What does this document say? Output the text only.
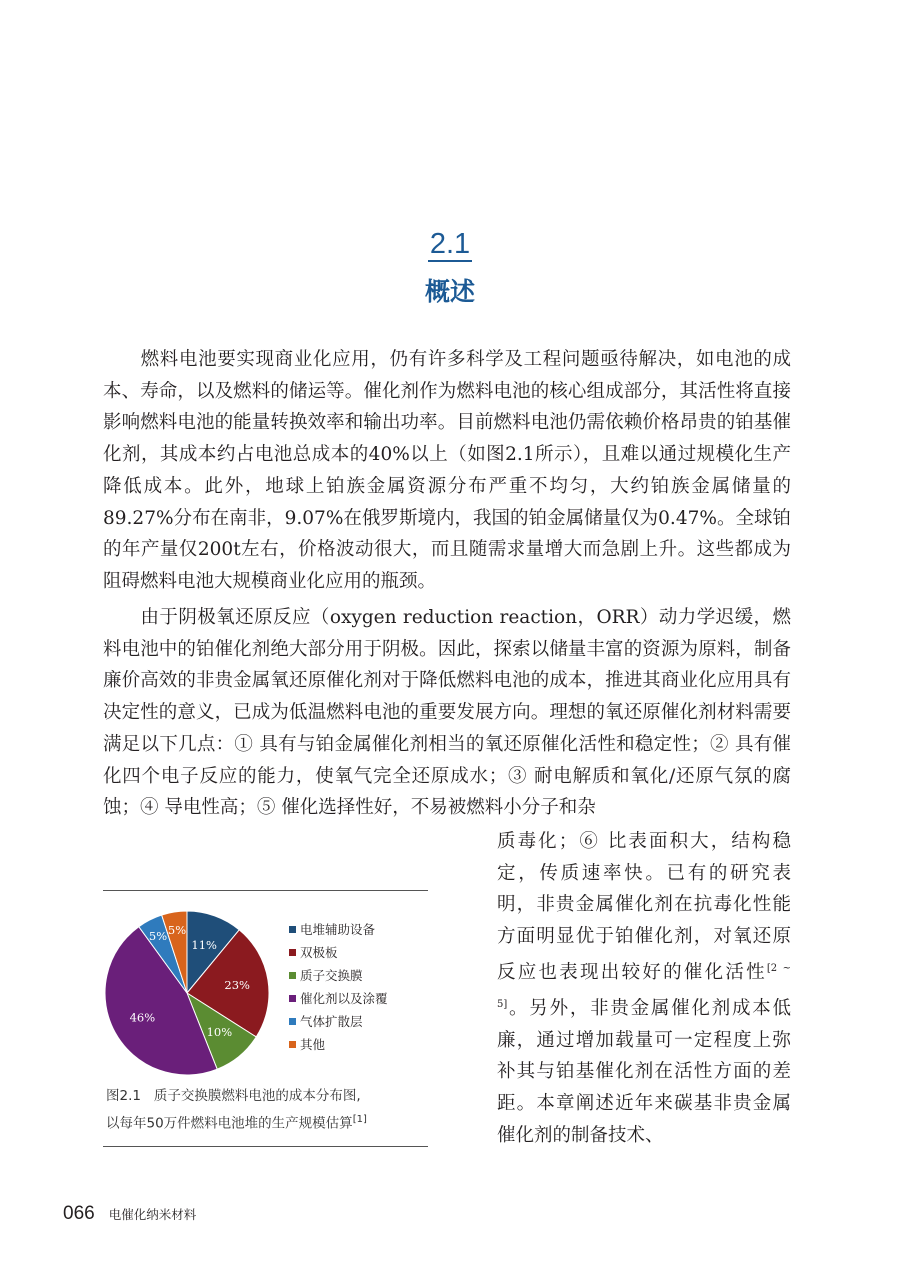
2.1
概述

燃料电池要实现商业化应用，仍有许多科学及工程问题亟待解决，如电池的成本、寿命，以及燃料的储运等。催化剂作为燃料电池的核心组成部分，其活性将直接影响燃料电池的能量转换效率和输出功率。目前燃料电池仍需依赖价格昂贵的铂基催化剂，其成本约占电池总成本的40%以上（如图2.1所示），且难以通过规模化生产降低成本。此外，地球上铂族金属资源分布严重不均匀，大约铂族金属储量的89.27%分布在南非，9.07%在俄罗斯境内，我国的铂金属储量仅为0.47%。全球铂的年产量仅200t左右，价格波动很大，而且随需求量增大而急剧上升。这些都成为阻碍燃料电池大规模商业化应用的瓶颈。

由于阴极氧还原反应（oxygen reduction reaction，ORR）动力学迟缓，燃料电池中的铂催化剂绝大部分用于阴极。因此，探索以储量丰富的资源为原料，制备廉价高效的非贵金属氧还原催化剂对于降低燃料电池的成本，推进其商业化应用具有决定性的意义，已成为低温燃料电池的重要发展方向。理想的氧还原催化剂材料需要满足以下几点：① 具有与铂金属催化剂相当的氧还原催化活性和稳定性；② 具有催化四个电子反应的能力，使氧气完全还原成水；③ 耐电解质和氧化/还原气氛的腐蚀；④ 导电性高；⑤ 催化选择性好，不易被燃料小分子和杂

质毒化；⑥ 比表面积大，结构稳定，传质速率快。已有的研究表明，非贵金属催化剂在抗毒化性能方面明显优于铂催化剂，对氧还原反应也表现出较好的催化活性[2 ~ 5]。另外，非贵金属催化剂成本低廉，通过增加载量可一定程度上弥补其与铂基催化剂在活性方面的差距。本章阐述近年来碳基非贵金属催化剂的制备技术、

11%
23%
10%
46%
5% 5%	电堆辅助设备
双极板
质子交换膜
催化剂以及涂覆
气体扩散层
其他

图2.1 质子交换膜燃料电池的成本分布图,
以每年50万件燃料电池堆的生产规模估算[1]

066 电催化纳米材料
